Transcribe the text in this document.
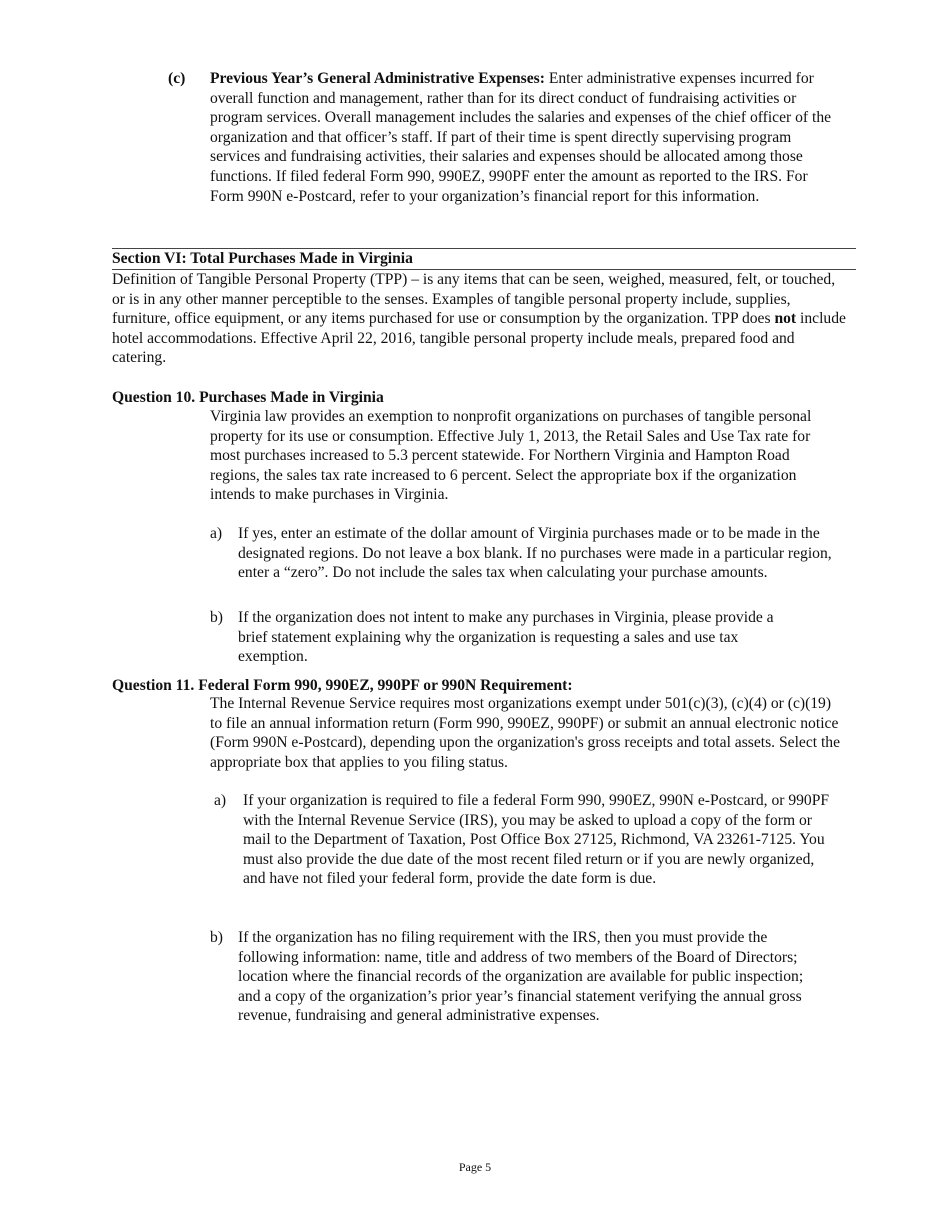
(c) Previous Year’s General Administrative Expenses: Enter administrative expenses incurred for overall function and management, rather than for its direct conduct of fundraising activities or program services. Overall management includes the salaries and expenses of the chief officer of the organization and that officer’s staff. If part of their time is spent directly supervising program services and fundraising activities, their salaries and expenses should be allocated among those functions. If filed federal Form 990, 990EZ, 990PF enter the amount as reported to the IRS. For Form 990N e-Postcard, refer to your organization’s financial report for this information.

Section VI: Total Purchases Made in Virginia

Definition of Tangible Personal Property (TPP) – is any items that can be seen, weighed, measured, felt, or touched, or is in any other manner perceptible to the senses. Examples of tangible personal property include, supplies, furniture, office equipment, or any items purchased for use or consumption by the organization. TPP does not include hotel accommodations. Effective April 22, 2016, tangible personal property include meals, prepared food and catering.

Question 10. Purchases Made in Virginia

Virginia law provides an exemption to nonprofit organizations on purchases of tangible personal property for its use or consumption. Effective July 1, 2013, the Retail Sales and Use Tax rate for most purchases increased to 5.3 percent statewide. For Northern Virginia and Hampton Road regions, the sales tax rate increased to 6 percent. Select the appropriate box if the organization intends to make purchases in Virginia.

a) If yes, enter an estimate of the dollar amount of Virginia purchases made or to be made in the designated regions. Do not leave a box blank. If no purchases were made in a particular region, enter a “zero”. Do not include the sales tax when calculating your purchase amounts.

b) If the organization does not intent to make any purchases in Virginia, please provide a brief statement explaining why the organization is requesting a sales and use tax exemption.

Question 11. Federal Form 990, 990EZ, 990PF or 990N Requirement:

The Internal Revenue Service requires most organizations exempt under 501(c)(3), (c)(4) or (c)(19) to file an annual information return (Form 990, 990EZ, 990PF) or submit an annual electronic notice (Form 990N e-Postcard), depending upon the organization's gross receipts and total assets. Select the appropriate box that applies to you filing status.

a) If your organization is required to file a federal Form 990, 990EZ, 990N e-Postcard, or 990PF with the Internal Revenue Service (IRS), you may be asked to upload a copy of the form or mail to the Department of Taxation, Post Office Box 27125, Richmond, VA 23261-7125. You must also provide the due date of the most recent filed return or if you are newly organized, and have not filed your federal form, provide the date form is due.

b) If the organization has no filing requirement with the IRS, then you must provide the following information: name, title and address of two members of the Board of Directors; location where the financial records of the organization are available for public inspection; and a copy of the organization’s prior year’s financial statement verifying the annual gross revenue, fundraising and general administrative expenses.

Page 5
